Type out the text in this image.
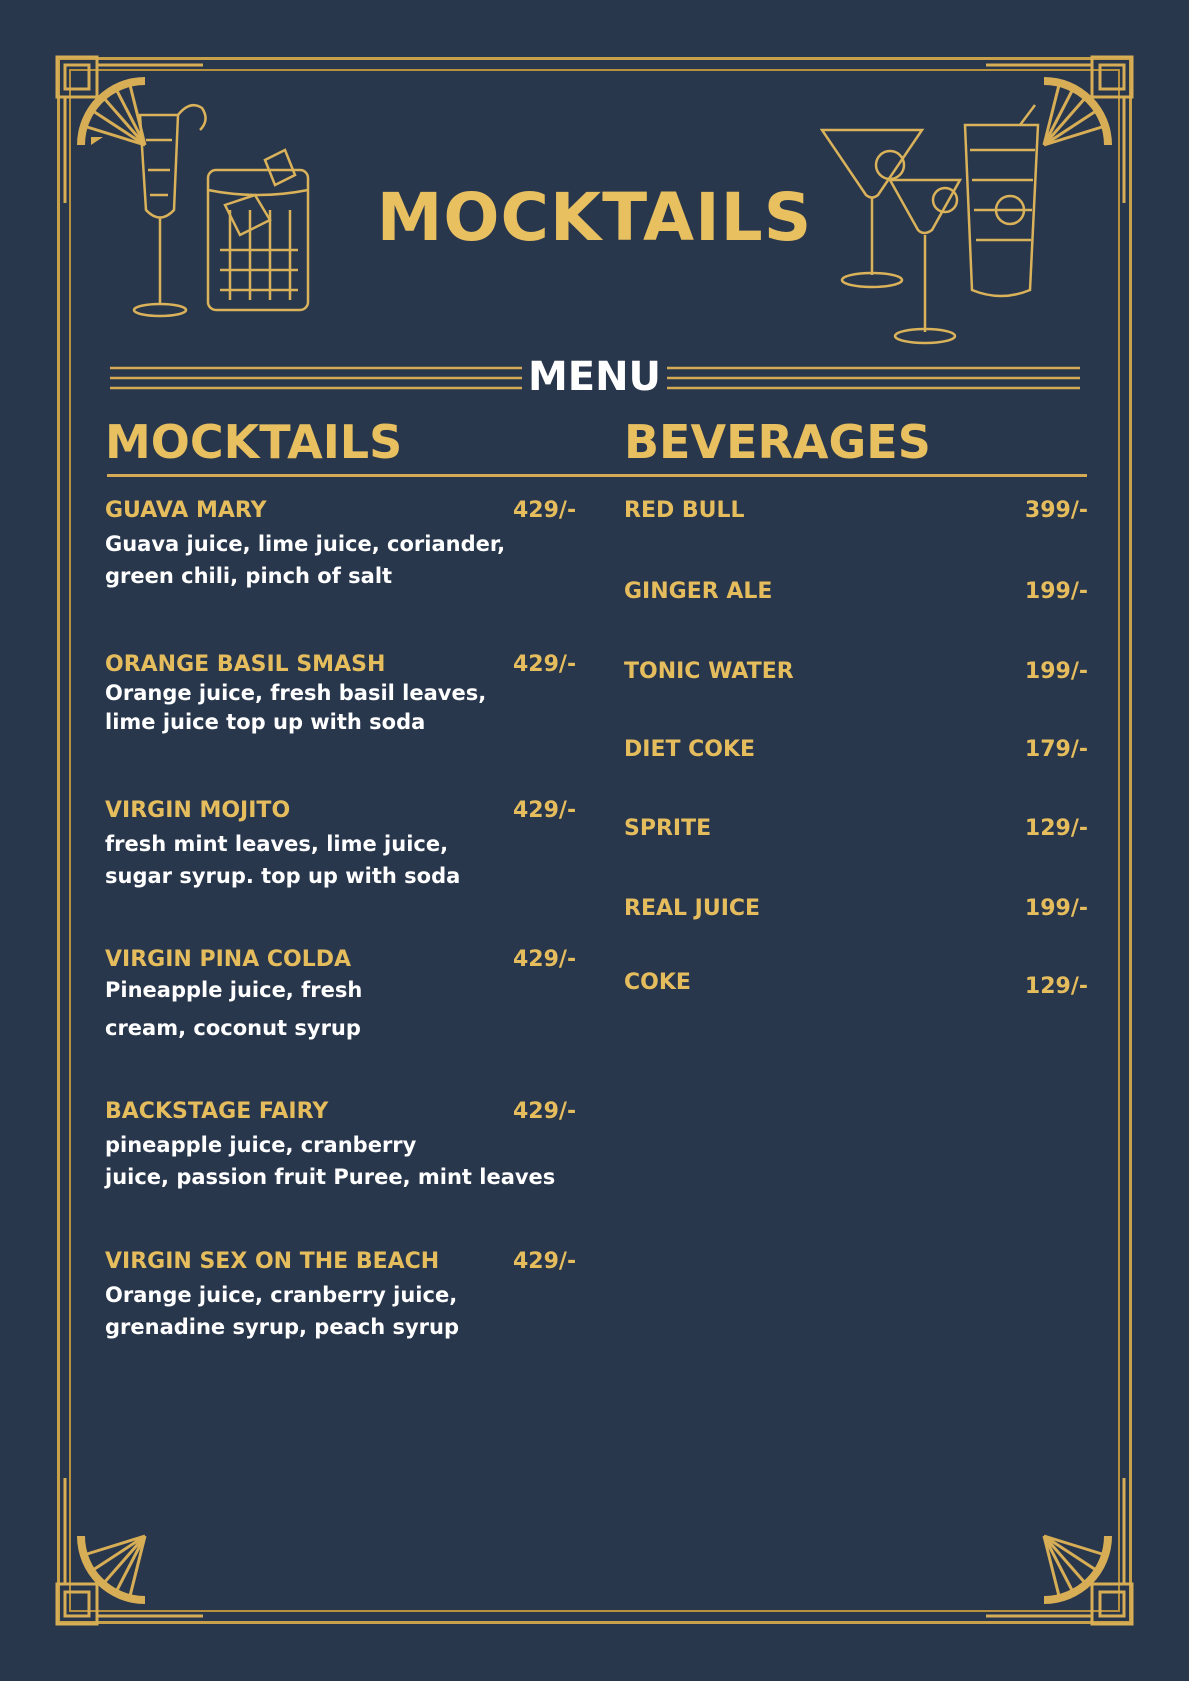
MOCKTAILS
MENU
MOCKTAILS	BEVERAGES
GUAVA MARY	429/-
Guava juice, lime juice, coriander,
green chili, pinch of salt
ORANGE BASIL SMASH	429/-
Orange juice, fresh basil leaves,
lime juice top up with soda
VIRGIN MOJITO	429/-
fresh mint leaves, lime juice,
sugar syrup. top up with soda
VIRGIN PINA COLDA	429/-
Pineapple juice, fresh
cream, coconut syrup
BACKSTAGE FAIRY	429/-
pineapple juice, cranberry
juice, passion fruit Puree, mint leaves
VIRGIN SEX ON THE BEACH	429/-
Orange juice, cranberry juice,
grenadine syrup, peach syrup
RED BULL	399/-
GINGER ALE	199/-
TONIC WATER	199/-
DIET COKE	179/-
SPRITE	129/-
REAL JUICE	199/-
COKE	129/-
